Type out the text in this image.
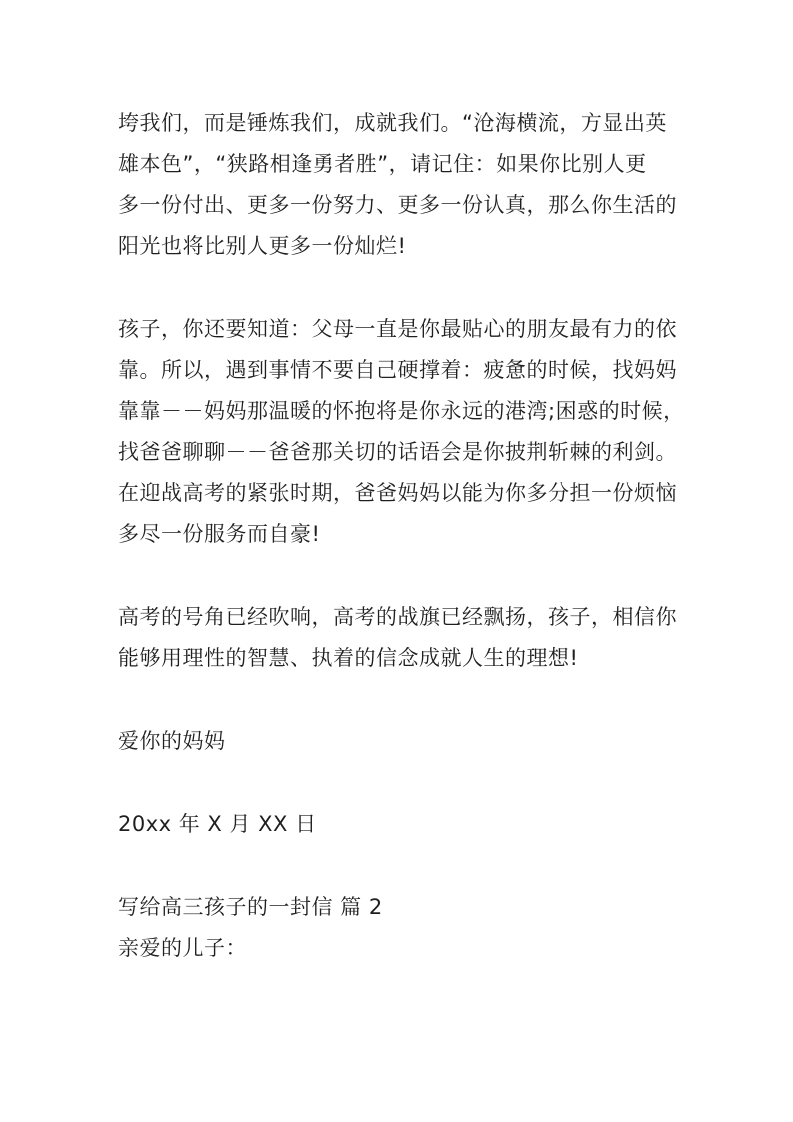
垮我们，而是锤炼我们，成就我们。“沧海横流，方显出英
雄本色”，“狭路相逢勇者胜”，请记住：如果你比别人更
多一份付出、更多一份努力、更多一份认真，那么你生活的
阳光也将比别人更多一份灿烂!
孩子，你还要知道：父母一直是你最贴心的朋友最有力的依
靠。所以，遇到事情不要自己硬撑着：疲惫的时候，找妈妈
靠靠－－妈妈那温暖的怀抱将是你永远的港湾;困惑的时候，
找爸爸聊聊－－爸爸那关切的话语会是你披荆斩棘的利剑。
在迎战高考的紧张时期，爸爸妈妈以能为你多分担一份烦恼
多尽一份服务而自豪!
高考的号角已经吹响，高考的战旗已经飘扬，孩子，相信你
能够用理性的智慧、执着的信念成就人生的理想!
爱你的妈妈
20xx 年 X 月 XX 日
写给高三孩子的一封信 篇 2
亲爱的儿子：
